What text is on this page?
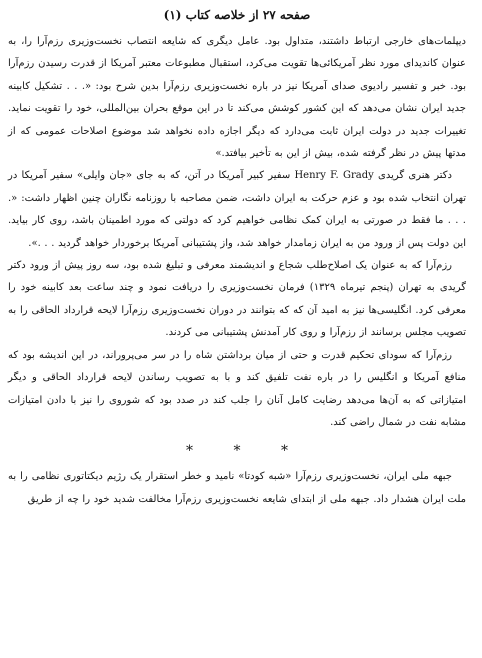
صفحه ۲۷ از خلاصه کتاب (۱)

دیپلمات‌های خارجی ارتباط داشتند، متداول بود. عامل دیگری که شایعه انتصاب نخست‌وزیری رزم‌آرا را، به عنوان کاندیدای مورد نظر آمریکائی‌ها تقویت می‌کرد، استقبال مطبوعات معتبر آمریکا از قدرت رسیدن رزم‌آرا بود. خبر و تفسیر رادیوی صدای آمریکا نیز در باره نخست‌وزیری رزم‌آرا بدین شرح بود: «. . . تشکیل کابینه جدید ایران نشان می‌دهد که این کشور کوشش می‌کند تا در این موقع بحران بین‌المللی، خود را تقویت نماید. تغییرات جدید در دولت ایران ثابت می‌دارد که دیگر اجازه داده نخواهد شد موضوع اصلاحات عمومی که از مدتها پیش در نظر گرفته شده، بیش از این به تأخیر بیافتد.»

دکتر هنری گریدی Henry F. Grady سفیر کبیر آمریکا در آتن، که به جای «جان وایلی» سفیر آمریکا در تهران انتخاب شده بود و عزم حرکت به ایران داشت، ضمن مصاحبه با روزنامه نگاران چنین اظهار داشت: «. . . . ما فقط در صورتی به ایران کمک نظامی خواهیم کرد که دولتی که مورد اطمینان باشد، روی کار بیاید. این دولت پس از ورود من به ایران زمامدار خواهد شد، واز پشتیبانی آمریکا برخوردار خواهد گردید . . .».

رزم‌آرا که به عنوان یک اصلاح‌طلب شجاع و اندیشمند معرفی و تبلیغ شده بود، سه روز پیش از ورود دکتر گریدی به تهران (پنجم تیرماه ۱۳۲۹) فرمان نخست‌وزیری را دریافت نمود و چند ساعت بعد کابینه خود را معرفی کرد. انگلیسی‌ها نیز به امید آن که که بتوانند در دوران نخست‌وزیری رزم‌آرا لایحه قرارداد الحاقی را به تصویب مجلس برسانند از رزم‌آرا و روی کار آمدنش پشتیبانی می کردند.

رزم‌آرا که سودای تحکیم قدرت و حتی از میان برداشتن شاه را در سر می‌پروراند، در این اندیشه بود که منافع آمریکا و انگلیس را در باره نفت تلفیق کند و با به تصویب رساندن لایحه قرارداد الحاقی و دیگر امتیازاتی که به آن‌ها می‌دهد رضایت کامل آنان را جلب کند در صدد بود که شوروی را نیز با دادن امتیازات مشابه نفت در شمال راضی کند.

* * *

جبهه ملی ایران، نخست‌وزیری رزم‌آرا «شبه کودتا» نامید و خطر استقرار یک رژیم دیکتاتوری نظامی را به ملت ایران هشدار داد. جبهه ملی از ابتدای شایعه نخست‌وزیری رزم‌آرا مخالفت شدید خود را چه از طریق
